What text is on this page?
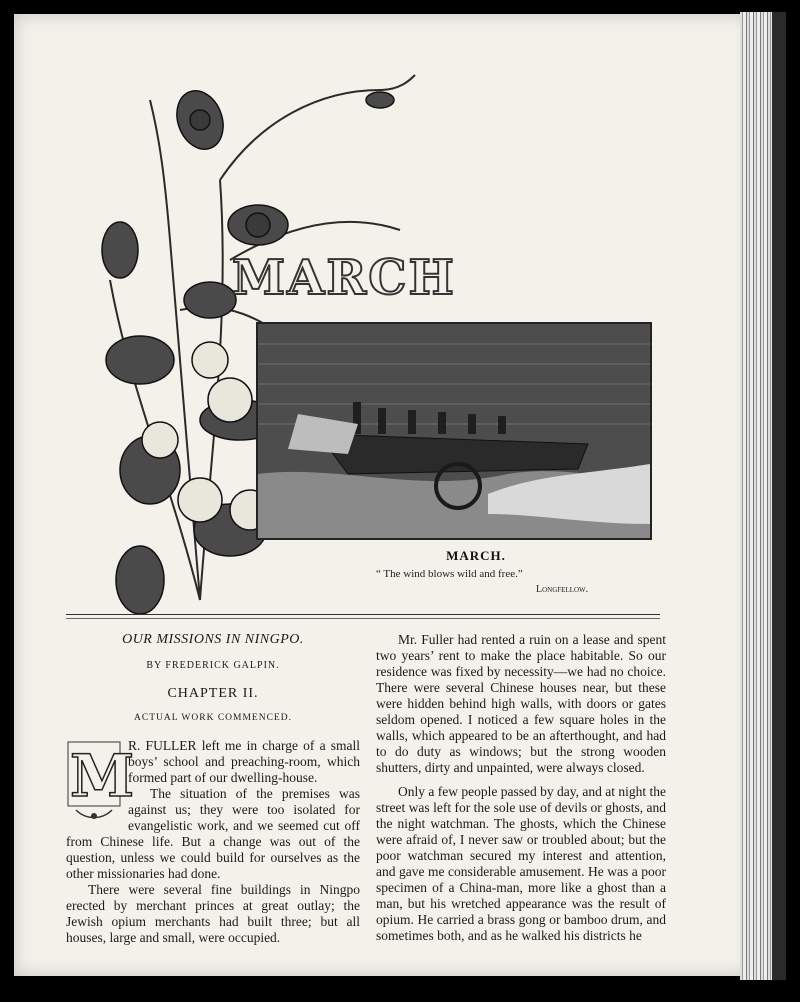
MARCH
MARCH.
“ The wind blows wild and free.”
Longfellow.
OUR MISSIONS IN NINGPO.
BY FREDERICK GALPIN.
CHAPTER II.
ACTUAL WORK COMMENCED.
M

R. FULLER left me in charge of a small boys’ school and preaching-room, which formed part of our dwelling-house.

The situation of the premises was against us; they were too isolated for evangelistic work, and we seemed cut off from Chinese life. But a change was out of the question, unless we could build for ourselves as the other missionaries had done.

There were several fine buildings in Ningpo erected by merchant princes at great outlay; the Jewish opium merchants had built three; but all houses, large and small, were occupied.

Mr. Fuller had rented a ruin on a lease and spent two years’ rent to make the place habitable. So our residence was fixed by necessity—we had no choice. There were several Chinese houses near, but these were hidden behind high walls, with doors or gates seldom opened. I noticed a few square holes in the walls, which appeared to be an afterthought, and had to do duty as windows; but the strong wooden shutters, dirty and unpainted, were always closed.

Only a few people passed by day, and at night the street was left for the sole use of devils or ghosts, and the night watchman. The ghosts, which the Chinese were afraid of, I never saw or troubled about; but the poor watchman secured my interest and attention, and gave me considerable amusement. He was a poor specimen of a China-man, more like a ghost than a man, but his wretched appearance was the result of opium. He carried a brass gong or bamboo drum, and sometimes both, and as he walked his districts he
